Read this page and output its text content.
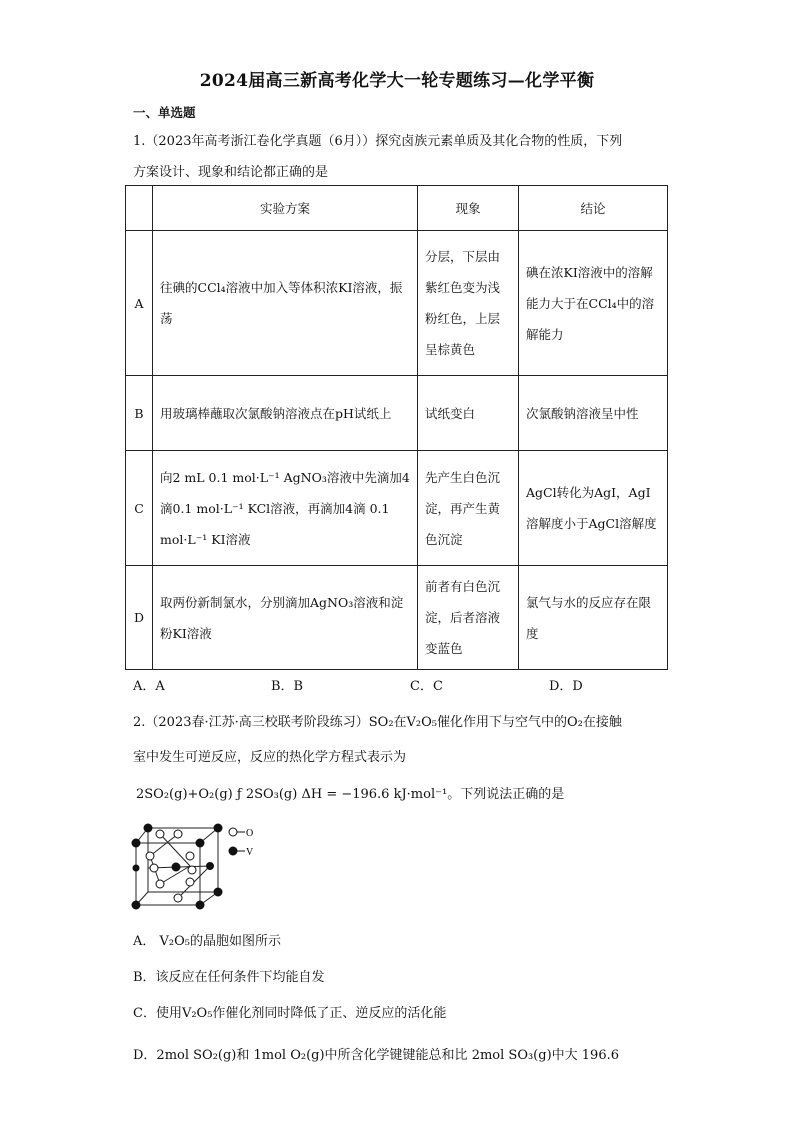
2024届高三新高考化学大一轮专题练习—化学平衡
一、单选题
1.（2023年高考浙江卷化学真题（6月））探究卤族元素单质及其化合物的性质，下列
方案设计、现象和结论都正确的是
	实验方案	现象	结论
A	往碘的CCl₄溶液中加入等体积浓KI溶液，振荡	分层，下层由紫红色变为浅粉红色，上层呈棕黄色	碘在浓KI溶液中的溶解能力大于在CCl₄中的溶解能力
B	用玻璃棒蘸取次氯酸钠溶液点在pH试纸上	试纸变白	次氯酸钠溶液呈中性
C	向2 mL 0.1 mol·L⁻¹ AgNO₃溶液中先滴加4滴0.1 mol·L⁻¹ KCl溶液，再滴加4滴 0.1 mol·L⁻¹ KI溶液	先产生白色沉淀，再产生黄色沉淀	AgCl转化为AgI，AgI溶解度小于AgCl溶解度
D	取两份新制氯水，分别滴加AgNO₃溶液和淀粉KI溶液	前者有白色沉淀，后者溶液变蓝色	氯气与水的反应存在限度
A．A	B．B	C．C	D．D
2.（2023春·江苏·高三校联考阶段练习）SO₂在V₂O₅催化作用下与空气中的O₂在接触
室中发生可逆反应，反应的热化学方程式表示为
2SO₂(g)+O₂(g) ƒ 2SO₃(g) ΔH = −196.6 kJ·mol⁻¹。下列说法正确的是
O
V
A． V₂O₅的晶胞如图所示
B．该反应在任何条件下均能自发
C．使用V₂O₅作催化剂同时降低了正、逆反应的活化能
D．2mol SO₂(g)和 1mol O₂(g)中所含化学键键能总和比 2mol SO₃(g)中大 196.6
